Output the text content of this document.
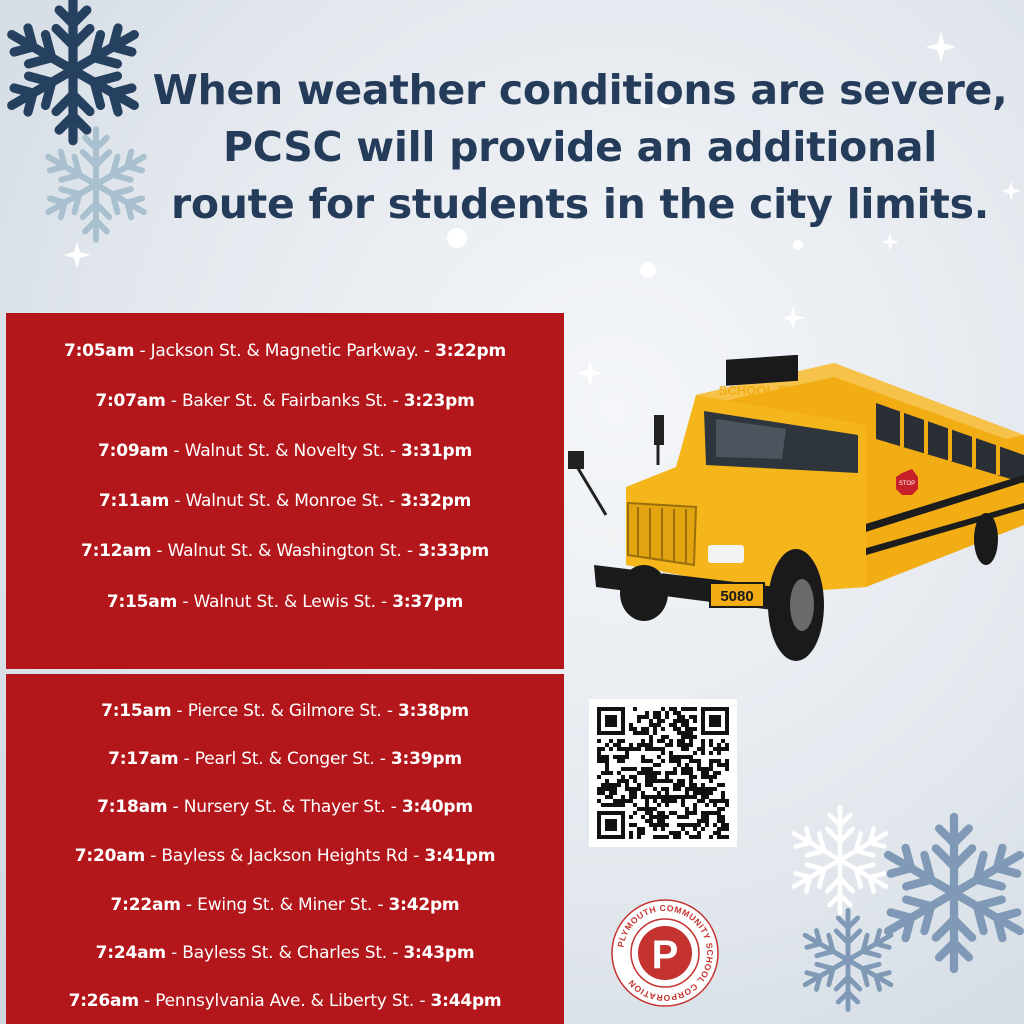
When weather conditions are severe,
PCSC will provide an additional
route for students in the city limits.
7:05am - Jackson St. & Magnetic Parkway. - 3:22pm
7:07am - Baker St. & Fairbanks St. - 3:23pm
7:09am - Walnut St. & Novelty St. - 3:31pm
7:11am - Walnut St. & Monroe St. - 3:32pm
7:12am - Walnut St. & Washington St. - 3:33pm
7:15am - Walnut St. & Lewis St. - 3:37pm
7:15am - Pierce St. & Gilmore St. - 3:38pm
7:17am - Pearl St. & Conger St. - 3:39pm
7:18am - Nursery St. & Thayer St. - 3:40pm
7:20am - Bayless & Jackson Heights Rd - 3:41pm
7:22am - Ewing St. & Miner St. - 3:42pm
7:24am - Bayless St. & Charles St. - 3:43pm
7:26am - Pennsylvania Ave. & Liberty St. - 3:44pm
STOP
SCHOOL BUS
5080
PLYMOUTH COMMUNITY SCHOOL CORPORATION
P
